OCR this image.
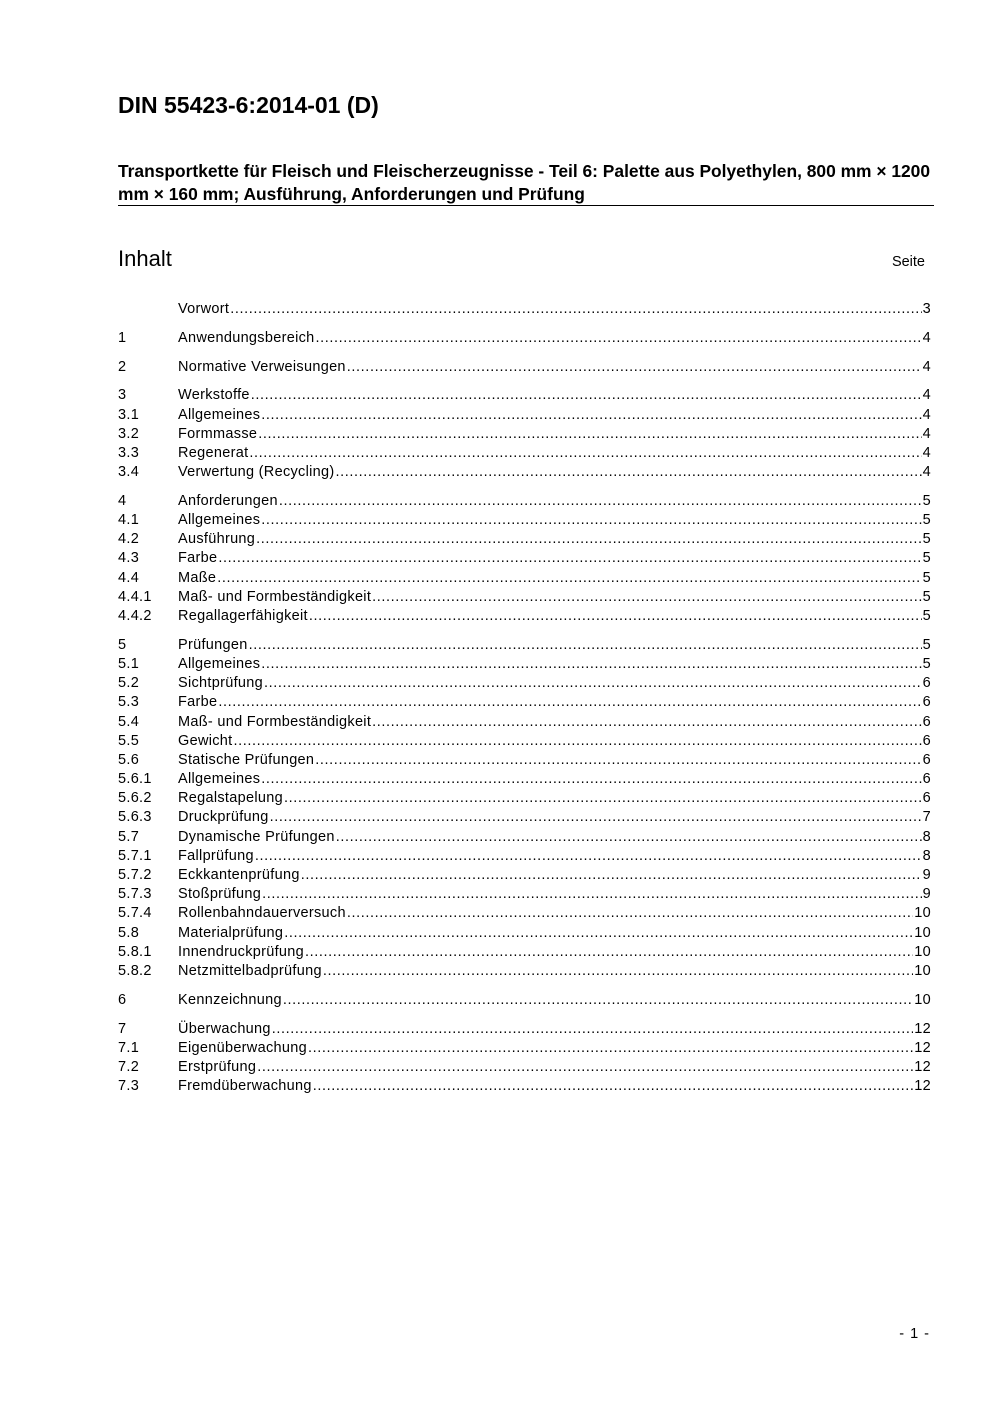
DIN 55423-6:2014-01 (D)
Transportkette für Fleisch und Fleischerzeugnisse - Teil 6: Palette aus Polyethylen, 800 mm × 1200 mm × 160 mm; Ausführung, Anforderungen und Prüfung
Inhalt	Seite
Vorwort .....	3
1	Anwendungsbereich .....	4
2	Normative Verweisungen .....	4
3	Werkstoffe .....	4
3.1	Allgemeines .....	4
3.2	Formmasse .....	4
3.3	Regenerat .....	4
3.4	Verwertung (Recycling) .....	4
4	Anforderungen .....	5
4.1	Allgemeines .....	5
4.2	Ausführung .....	5
4.3	Farbe .....	5
4.4	Maße .....	5
4.4.1	Maß- und Formbeständigkeit .....	5
4.4.2	Regallagerfähigkeit .....	5
5	Prüfungen .....	5
5.1	Allgemeines .....	5
5.2	Sichtprüfung .....	6
5.3	Farbe .....	6
5.4	Maß- und Formbeständigkeit .....	6
5.5	Gewicht .....	6
5.6	Statische Prüfungen .....	6
5.6.1	Allgemeines .....	6
5.6.2	Regalstapelung .....	6
5.6.3	Druckprüfung .....	7
5.7	Dynamische Prüfungen .....	8
5.7.1	Fallprüfung .....	8
5.7.2	Eckkantenprüfung .....	9
5.7.3	Stoßprüfung .....	9
5.7.4	Rollenbahndauerversuch .....	10
5.8	Materialprüfung .....	10
5.8.1	Innendruckprüfung .....	10
5.8.2	Netzmittelbadprüfung .....	10
6	Kennzeichnung .....	10
7	Überwachung .....	12
7.1	Eigenüberwachung .....	12
7.2	Erstprüfung .....	12
7.3	Fremdüberwachung .....	12
- 1 -
